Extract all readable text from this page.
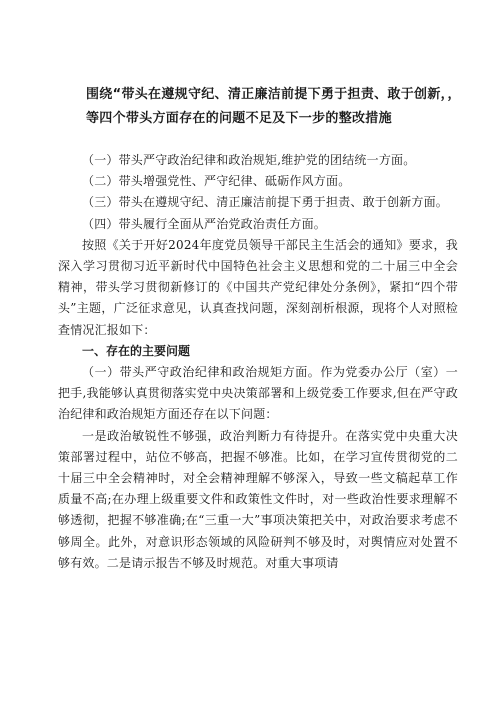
围绕“带头在遵规守纪、清正廉洁前提下勇于担责、敢于创新，，
等四个带头方面存在的问题不足及下一步的整改措施

（一）带头严守政治纪律和政治规矩,维护党的团结统一方面。

（二）带头增强党性、严守纪律、砥砺作风方面。

（三）带头在遵规守纪、清正廉洁前提下勇于担责、敢于创新方面。

（四）带头履行全面从严治党政治责任方面。

按照《关于开好2024年度党员领导干部民主生活会的通知》要求，我深入学习贯彻习近平新时代中国特色社会主义思想和党的二十届三中全会精神，带头学习贯彻新修订的《中国共产党纪律处分条例》，紧扣“四个带头”主题，广泛征求意见，认真查找问题，深刻剖析根源，现将个人对照检查情况汇报如下：

一、存在的主要问题

（一）带头严守政治纪律和政治规矩方面。作为党委办公厅（室）一把手,我能够认真贯彻落实党中央决策部署和上级党委工作要求,但在严守政治纪律和政治规矩方面还存在以下问题：

一是政治敏锐性不够强，政治判断力有待提升。在落实党中央重大决策部署过程中，站位不够高，把握不够准。比如，在学习宣传贯彻党的二十届三中全会精神时，对全会精神理解不够深入，导致一些文稿起草工作质量不高;在办理上级重要文件和政策性文件时，对一些政治性要求理解不够透彻，把握不够准确;在“三重一大”事项决策把关中，对政治要求考虑不够周全。此外，对意识形态领域的风险研判不够及时，对舆情应对处置不够有效。二是请示报告不够及时规范。对重大事项请
